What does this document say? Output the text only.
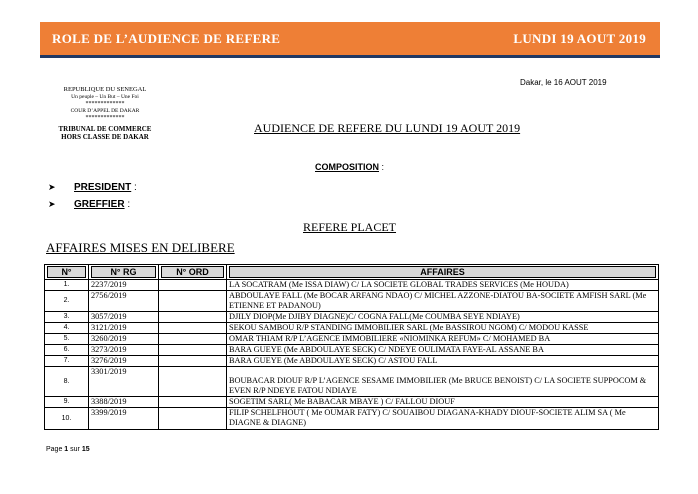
ROLE DE L’AUDIENCE DE REFERE	LUNDI 19 AOUT 2019
Dakar, le 16 AOUT 2019
REPUBLIQUE DU SENEGAL
Un peuple – Un But – Une Foi
*************
COUR D’APPEL DE DAKAR
*************
TRIBUNAL DE COMMERCE
HORS CLASSE DE DAKAR
AUDIENCE DE REFERE DU LUNDI 19 AOUT 2019
COMPOSITION :
➤ PRESIDENT :
➤ GREFFIER :
REFERE PLACET
AFFAIRES MISES EN DELIBERE
N°	N° RG	N° ORD	AFFAIRES

1.	2237/2019		LA SOCATRAM (Me ISSA DIAW) C/ LA SOCIETE GLOBAL TRADES SERVICES (Me HOUDA)
2.	2756/2019		ABDOULAYE FALL (Me BOCAR ARFANG NDAO) C/ MICHEL AZZONE-DIATOU BA-SOCIETE AMFISH SARL (Me ETIENNE ET PADANOU)
3.	3057/2019		DJILY DIOP(Me DJIBY DIAGNE)C/ COGNA FALL(Me COUMBA SEYE NDIAYE)
4.	3121/2019		SEKOU SAMBOU R/P STANDING IMMOBILIER SARL (Me BASSIROU NGOM) C/ MODOU KASSE
5.	3260/2019		OMAR THIAM R/P L’AGENCE IMMOBILIERE «NIOMINKA REFUM» C/ MOHAMED BA
6.	3273/2019		BARA GUEYE (Me ABDOULAYE SECK) C/ NDEYE OULIMATA FAYE-AL ASSANE BA
7.	3276/2019		BARA GUEYE (Me ABDOULAYE SECK) C/ ASTOU FALL
8.	3301/2019		BOUBACAR DIOUF R/P L’AGENCE SESAME IMMOBILIER (Me BRUCE BENOIST) C/ LA SOCIETE SUPPOCOM & EVEN R/P NDEYE FATOU NDIAYE
9.	3388/2019		SOGETIM SARL( Me BABACAR MBAYE ) C/ FALLOU DIOUF
10.	3399/2019		FILIP SCHELFHOUT ( Me OUMAR FATY) C/ SOUAIBOU DIAGANA-KHADY DIOUF-SOCIETE ALIM SA ( Me DIAGNE & DIAGNE)
Page 1 sur 15
